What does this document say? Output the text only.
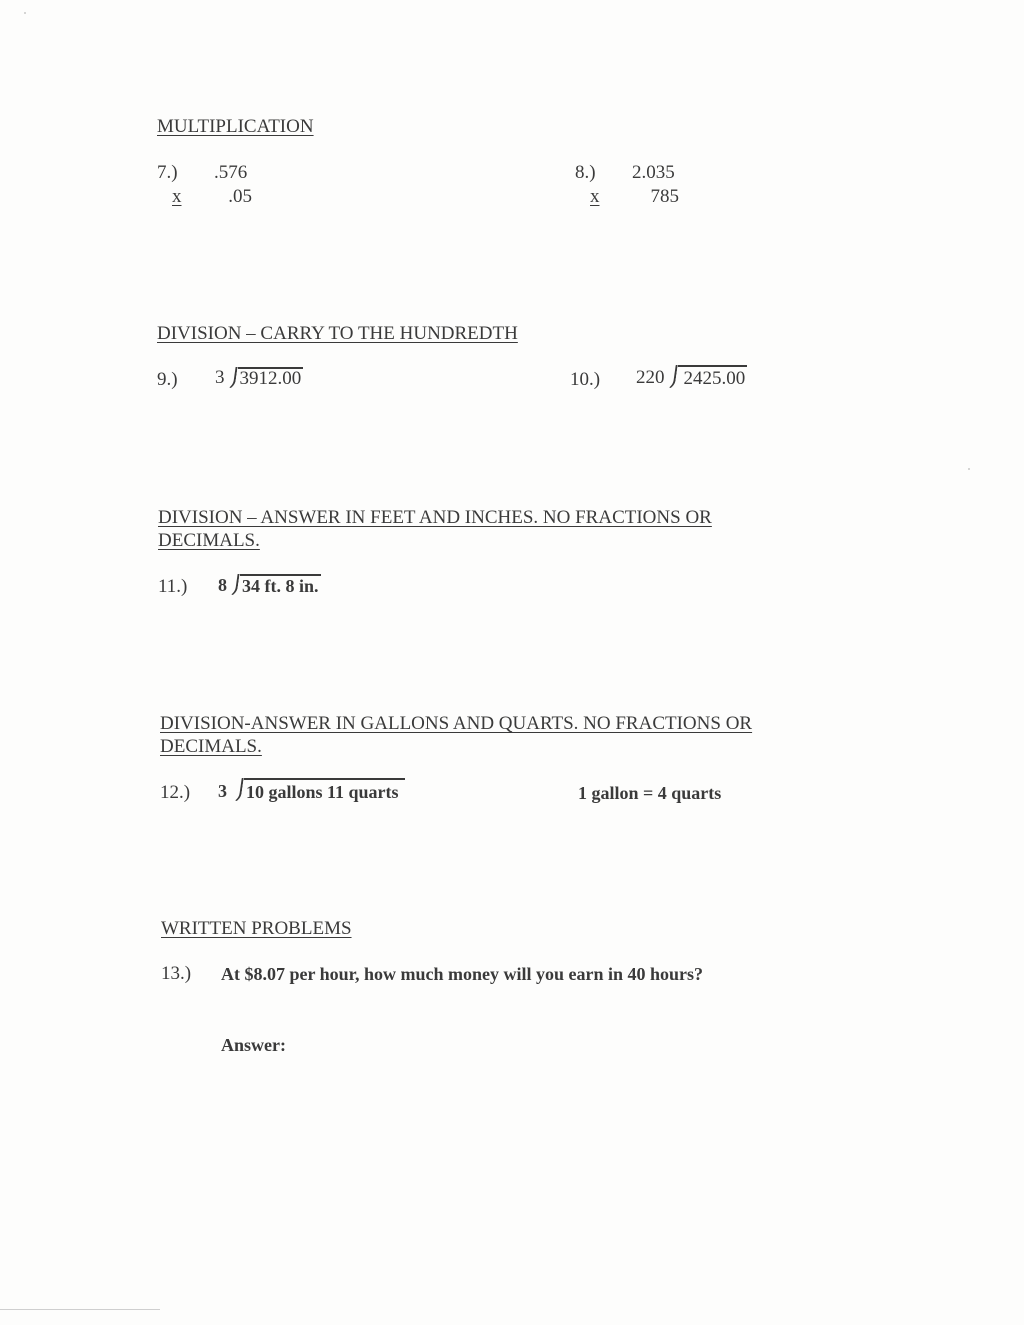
MULTIPLICATION
7.) .576
x .05
8.) 2.035
x	785
DIVISION – CARRY TO THE HUNDREDTH
9.) 3 3912.00	10.) 220	2425.00
DIVISION – ANSWER IN FEET AND INCHES. NO FRACTIONS OR
DECIMALS.
11.) 8 34 ft. 8 in.
DIVISION-ANSWER IN GALLONS AND QUARTS. NO FRACTIONS OR
DECIMALS.
12.) 3 10 gallons 11 quarts	1 gallon = 4 quarts
WRITTEN PROBLEMS
13.) At $8.07 per hour, how much money will you earn in 40 hours?
Answer:
